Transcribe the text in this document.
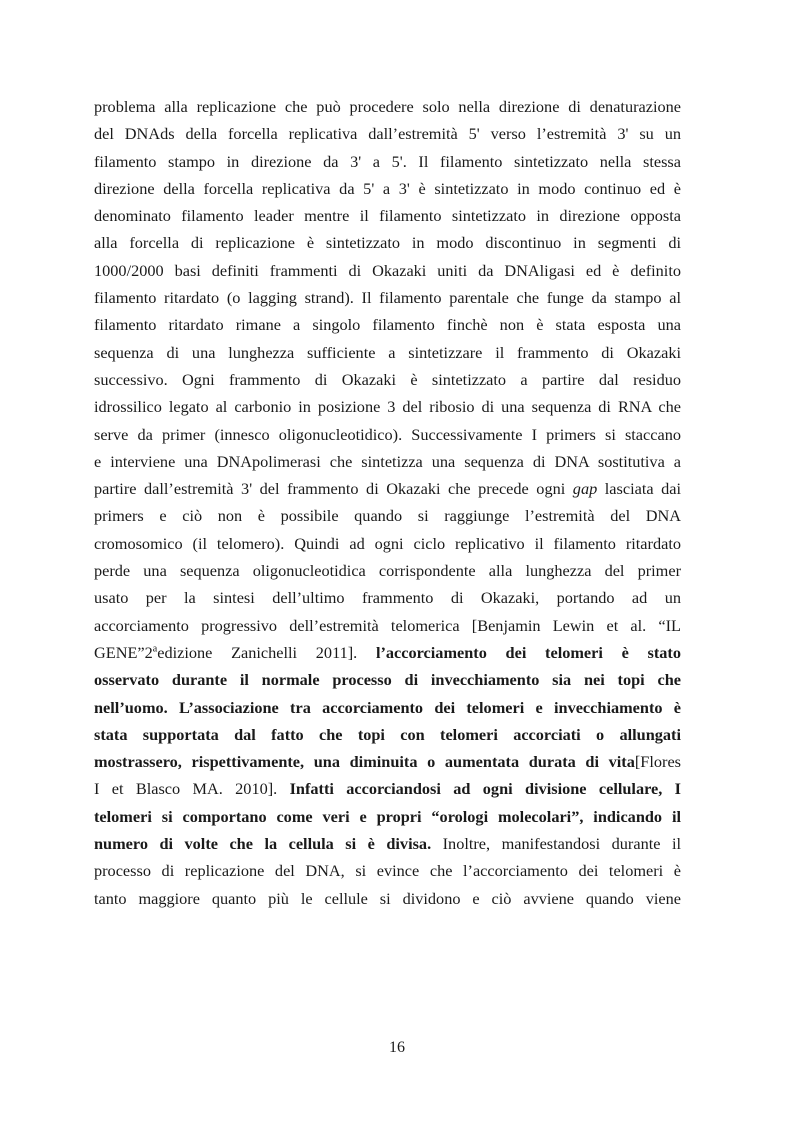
problema alla replicazione che può procedere solo nella direzione di denaturazione
del DNAds della forcella replicativa dall’estremità 5' verso l’estremità 3' su un
filamento stampo in direzione da 3' a 5'. Il filamento sintetizzato nella stessa
direzione della forcella replicativa da 5' a 3' è sintetizzato in modo continuo ed è
denominato filamento leader mentre il filamento sintetizzato in direzione opposta
alla forcella di replicazione è sintetizzato in modo discontinuo in segmenti di
1000/2000 basi definiti frammenti di Okazaki uniti da DNAligasi ed è definito
filamento ritardato (o lagging strand). Il filamento parentale che funge da stampo al
filamento ritardato rimane a singolo filamento finchè non è stata esposta una
sequenza di una lunghezza sufficiente a sintetizzare il frammento di Okazaki
successivo. Ogni frammento di Okazaki è sintetizzato a partire dal residuo
idrossilico legato al carbonio in posizione 3 del ribosio di una sequenza di RNA che
serve da primer (innesco oligonucleotidico). Successivamente I primers si staccano
e interviene una DNApolimerasi che sintetizza una sequenza di DNA sostitutiva a
partire dall’estremità 3' del frammento di Okazaki che precede ogni gap lasciata dai
primers e ciò non è possibile quando si raggiunge l’estremità del DNA
cromosomico (il telomero). Quindi ad ogni ciclo replicativo il filamento ritardato
perde una sequenza oligonucleotidica corrispondente alla lunghezza del primer
usato per la sintesi dell’ultimo frammento di Okazaki, portando ad un
accorciamento progressivo dell’estremità telomerica [Benjamin Lewin et al. “IL
GENE”2$^a$edizione Zanichelli 2011]. l’accorciamento dei telomeri è stato
osservato durante il normale processo di invecchiamento sia nei topi che
nell’uomo. L’associazione tra accorciamento dei telomeri e invecchiamento è
stata supportata dal fatto che topi con telomeri accorciati o allungati
mostrassero, rispettivamente, una diminuita o aumentata durata di vita[Flores
I et Blasco MA. 2010]. Infatti accorciandosi ad ogni divisione cellulare, I
telomeri si comportano come veri e propri “orologi molecolari”, indicando il
numero di volte che la cellula si è divisa. Inoltre, manifestandosi durante il
processo di replicazione del DNA, si evince che l’accorciamento dei telomeri è
tanto maggiore quanto più le cellule si dividono e ciò avviene quando viene
16
